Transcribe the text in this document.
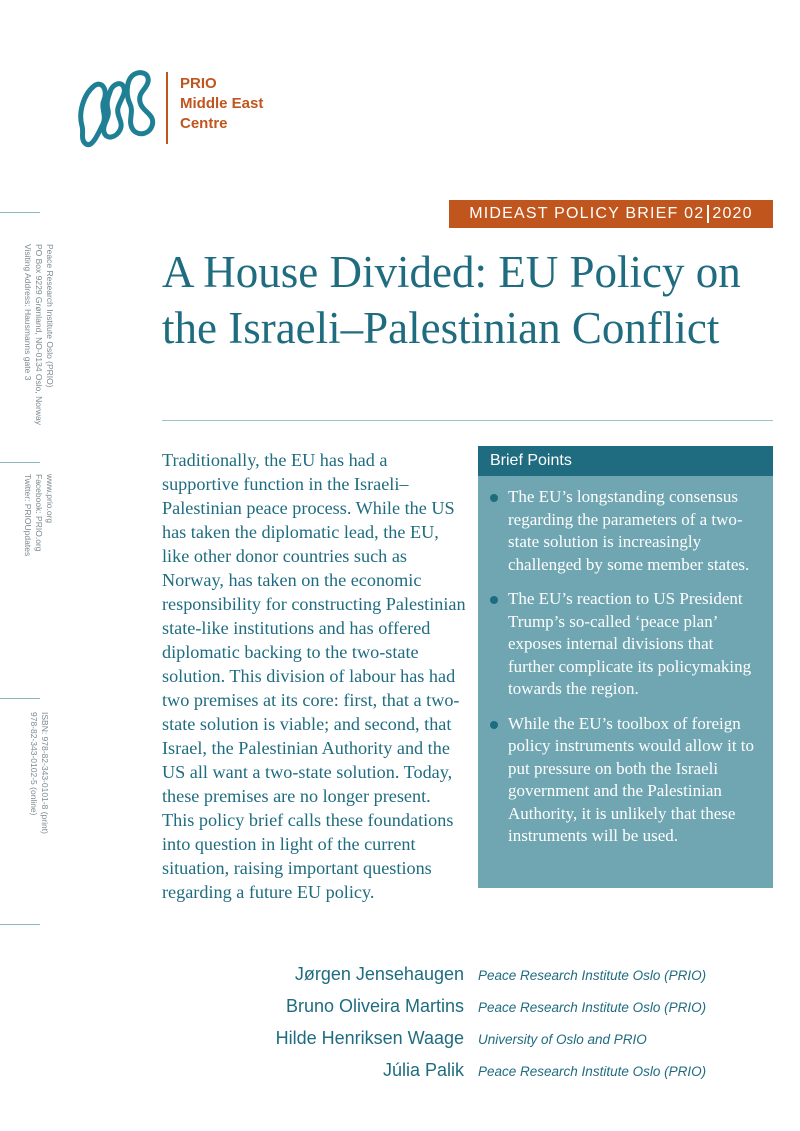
PRIO
Middle East
Centre
MIDEAST POLICY BRIEF
02 2020
A House Divided: EU Policy on the Israeli–Palestinian Conflict
Peace Research Institute Oslo (PRIO)
PO Box 9229 Grønland, NO-0134 Oslo, Norway
Visiting Address: Hausmanns gate 3
www.prio.org
Facebook: PRIO.org
Twitter: PRIOUpdates
ISBN: 978-82-343-0101-8 (print)
978-82-343-0102-5 (online)

Traditionally, the EU has had a supportive function in the Israeli–Palestinian peace process. While the US has taken the diplomatic lead, the EU, like other donor countries such as Norway, has taken on the economic responsibility for constructing Palestinian state-like institutions and has offered diplomatic backing to the two-state solution. This division of labour has had two premises at its core: first, that a two-state solution is viable; and second, that Israel, the Palestinian Authority and the US all want a two-state solution. Today, these premises are no longer present. This policy brief calls these foundations into question in light of the current situation, raising important questions regarding a future EU policy.

Brief Points
The EU’s longstanding consensus regarding the parameters of a two-state solution is increasingly challenged by some member states.
The EU’s reaction to US President Trump’s so-called ‘peace plan’ exposes internal divisions that further complicate its policymaking towards the region.
While the EU’s toolbox of foreign policy instruments would allow it to put pressure on both the Israeli government and the Palestinian Authority, it is unlikely that these instruments will be used.
Jørgen Jensehaugen Peace Research Institute Oslo (PRIO)
Bruno Oliveira Martins Peace Research Institute Oslo (PRIO)
Hilde Henriksen Waage University of Oslo and PRIO
Júlia Palik Peace Research Institute Oslo (PRIO)
